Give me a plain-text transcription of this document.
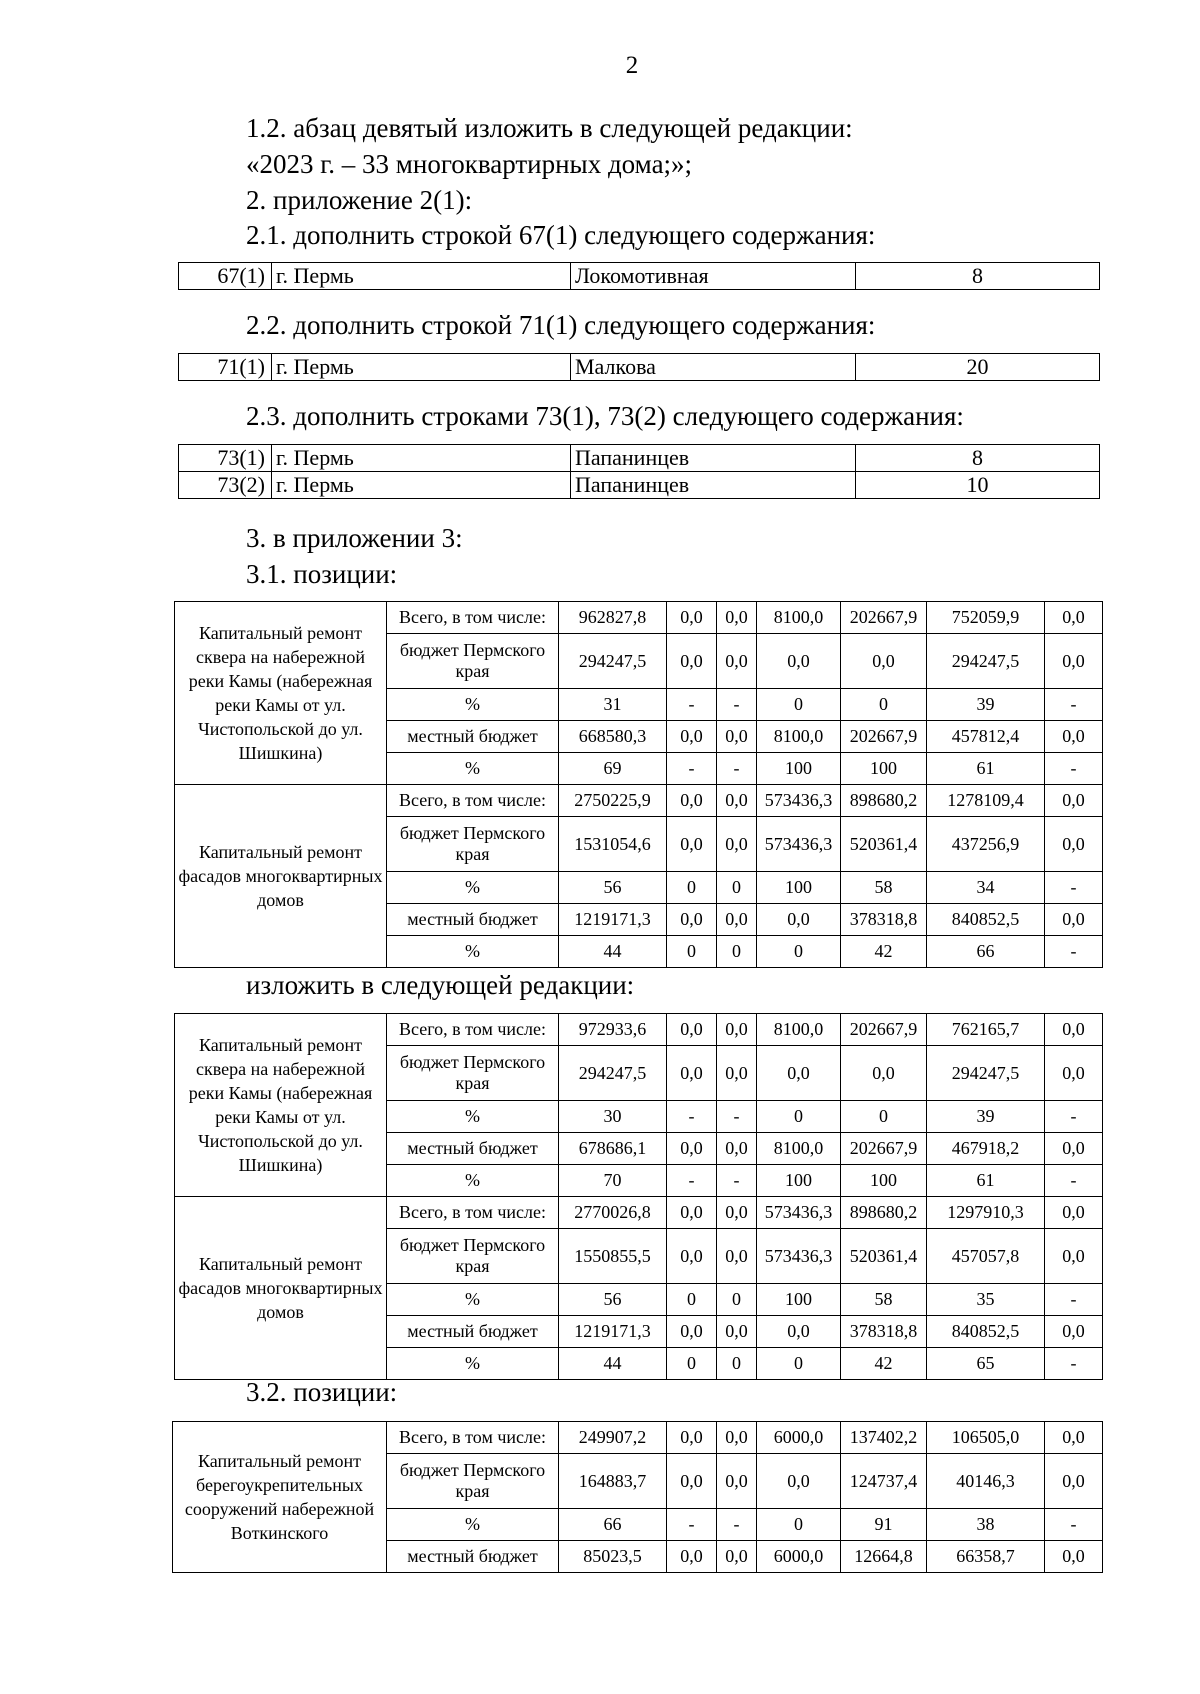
2
1.2. абзац девятый изложить в следующей редакции:
«2023 г. – 33 многоквартирных дома;»;
2. приложение 2(1):
2.1. дополнить строкой 67(1) следующего содержания:
67(1)	г. Пермь	Локомотивная	8
2.2. дополнить строкой 71(1) следующего содержания:
71(1)	г. Пермь	Малкова	20
2.3. дополнить строками 73(1), 73(2) следующего содержания:
73(1)	г. Пермь	Папанинцев	8
73(2)	г. Пермь	Папанинцев	10
3. в приложении 3:
3.1. позиции:
Капитальный ремонт сквера на набережной реки Камы (набережная реки Камы от ул. Чистопольской до ул. Шишкина)	Всего, в том числе:	962827,8	0,0	0,0	8100,0	202667,9	752059,9	0,0
	бюджет Пермского края	294247,5	0,0	0,0	0,0	0,0	294247,5	0,0
	%	31	-	-	0	0	39	-
	местный бюджет	668580,3	0,0	0,0	8100,0	202667,9	457812,4	0,0
	%	69	-	-	100	100	61	-
Капитальный ремонт фасадов многоквартирных домов	Всего, в том числе:	2750225,9	0,0	0,0	573436,3	898680,2	1278109,4	0,0
	бюджет Пермского края	1531054,6	0,0	0,0	573436,3	520361,4	437256,9	0,0
	%	56	0	0	100	58	34	-
	местный бюджет	1219171,3	0,0	0,0	0,0	378318,8	840852,5	0,0
	%	44	0	0	0	42	66	-
изложить в следующей редакции:
Капитальный ремонт сквера на набережной реки Камы (набережная реки Камы от ул. Чистопольской до ул. Шишкина)	Всего, в том числе:	972933,6	0,0	0,0	8100,0	202667,9	762165,7	0,0
	бюджет Пермского края	294247,5	0,0	0,0	0,0	0,0	294247,5	0,0
	%	30	-	-	0	0	39	-
	местный бюджет	678686,1	0,0	0,0	8100,0	202667,9	467918,2	0,0
	%	70	-	-	100	100	61	-
Капитальный ремонт фасадов многоквартирных домов	Всего, в том числе:	2770026,8	0,0	0,0	573436,3	898680,2	1297910,3	0,0
	бюджет Пермского края	1550855,5	0,0	0,0	573436,3	520361,4	457057,8	0,0
	%	56	0	0	100	58	35	-
	местный бюджет	1219171,3	0,0	0,0	0,0	378318,8	840852,5	0,0
	%	44	0	0	0	42	65	-
3.2. позиции:
Капитальный ремонт берегоукрепительных сооружений набережной Воткинского	Всего, в том числе:	249907,2	0,0	0,0	6000,0	137402,2	106505,0	0,0
	бюджет Пермского края	164883,7	0,0	0,0	0,0	124737,4	40146,3	0,0
	%	66	-	-	0	91	38	-
	местный бюджет	85023,5	0,0	0,0	6000,0	12664,8	66358,7	0,0
